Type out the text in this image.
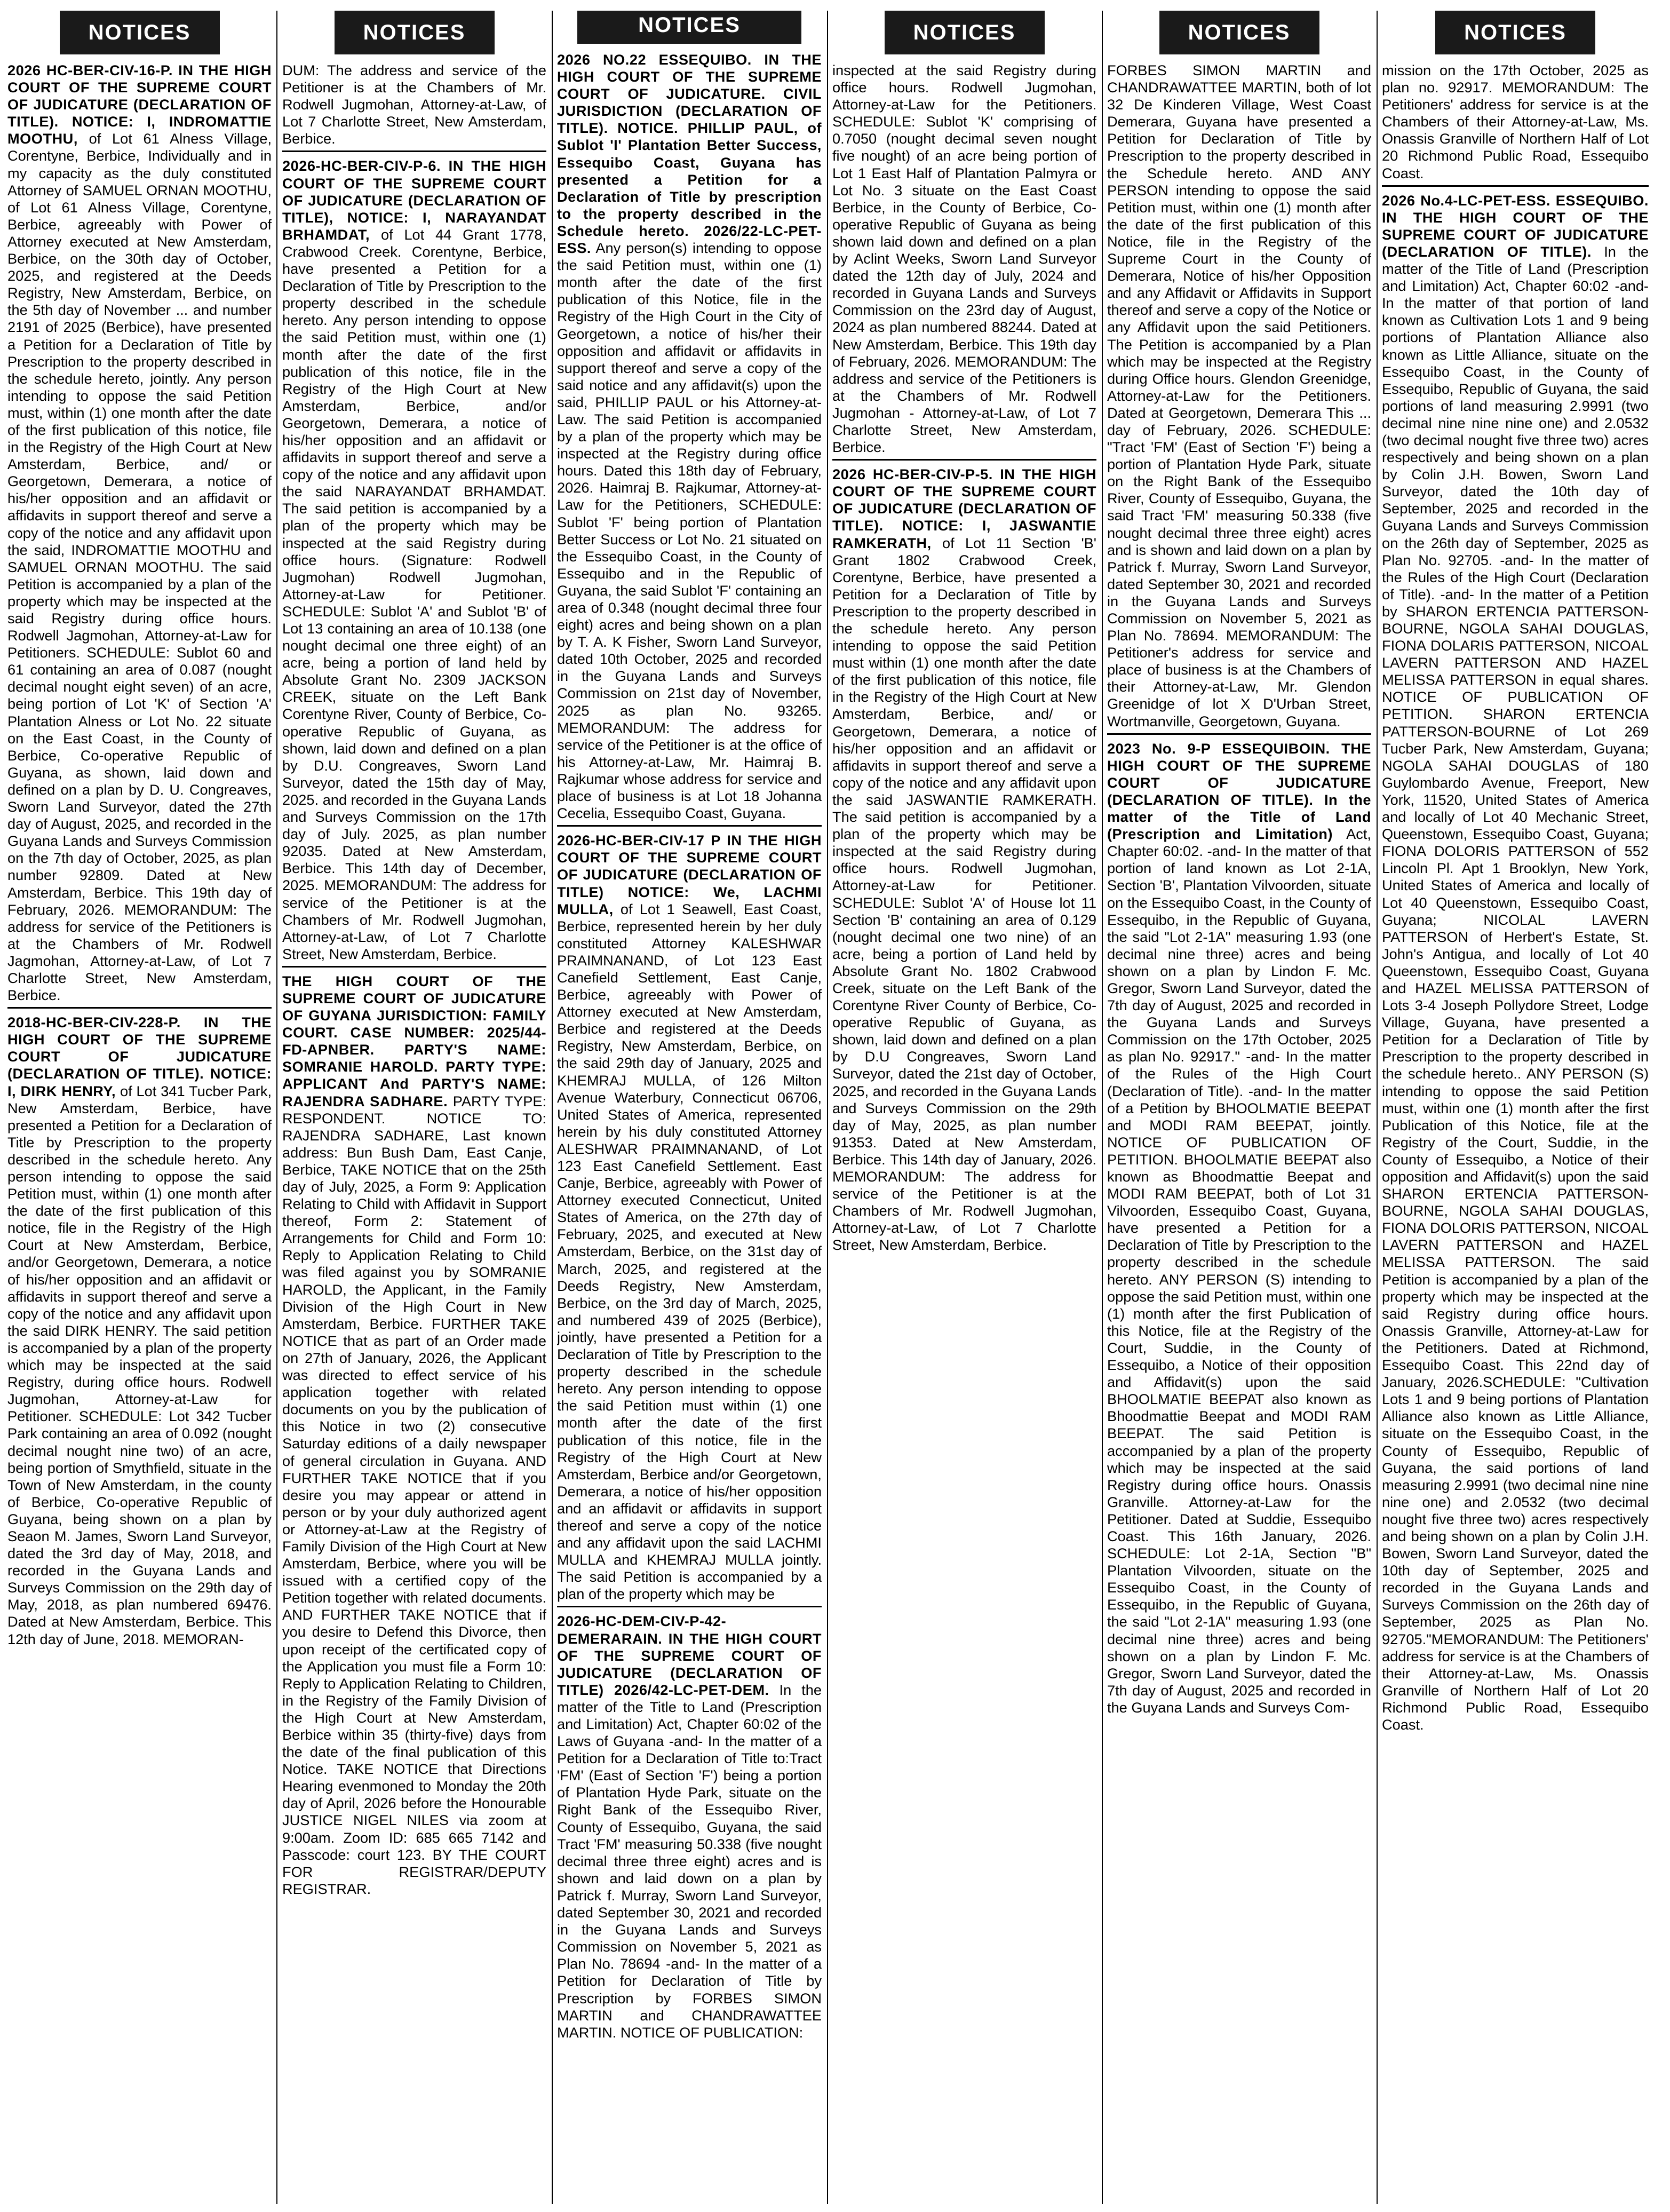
NOTICES

2026 HC-BER-CIV-16-P. IN THE HIGH COURT OF THE SUPREME COURT OF JUDICATURE (DECLARATION OF TITLE). NOTICE: I, INDROMATTIE MOOTHU, of Lot 61 Alness Village, Corentyne, Berbice, Individually and in my capacity as the duly constituted Attorney of SAMUEL ORNAN MOOTHU, of Lot 61 Alness Village, Corentyne, Berbice, agreeably with Power of Attorney executed at New Amsterdam, Berbice, on the 30th day of October, 2025, and registered at the Deeds Registry, New Amsterdam, Berbice, on the 5th day of November ... and number 2191 of 2025 (Berbice), have presented a Petition for a Declaration of Title by Prescription to the property described in the schedule hereto, jointly. Any person intending to oppose the said Petition must, within (1) one month after the date of the first publication of this notice, file in the Registry of the High Court at New Amsterdam, Berbice, and/ or Georgetown, Demerara, a notice of his/her opposition and an affidavit or affidavits in support thereof and serve a copy of the notice and any affidavit upon the said, INDROMATTIE MOOTHU and SAMUEL ORNAN MOOTHU. The said Petition is accompanied by a plan of the property which may be inspected at the said Registry during office hours. Rodwell Jagmohan, Attorney-at-Law for Petitioners. SCHEDULE: Sublot 60 and 61 containing an area of 0.087 (nought decimal nought eight seven) of an acre, being portion of Lot 'K' of Section 'A' Plantation Alness or Lot No. 22 situate on the East Coast, in the County of Berbice, Co-operative Republic of Guyana, as shown, laid down and defined on a plan by D. U. Congreaves, Sworn Land Surveyor, dated the 27th day of August, 2025, and recorded in the Guyana Lands and Surveys Commission on the 7th day of October, 2025, as plan number 92809. Dated at New Amsterdam, Berbice. This 19th day of February, 2026. MEMORANDUM: The address for service of the Petitioners is at the Chambers of Mr. Rodwell Jagmohan, Attorney-at-Law, of Lot 7 Charlotte Street, New Amsterdam, Berbice.

2018-HC-BER-CIV-228-P. IN THE HIGH COURT OF THE SUPREME COURT OF JUDICATURE (DECLARATION OF TITLE). NOTICE: I, DIRK HENRY, of Lot 341 Tucber Park, New Amsterdam, Berbice, have presented a Petition for a Declaration of Title by Prescription to the property described in the schedule hereto. Any person intending to oppose the said Petition must, within (1) one month after the date of the first publication of this notice, file in the Registry of the High Court at New Amsterdam, Berbice, and/or Georgetown, Demerara, a notice of his/her opposition and an affidavit or affidavits in support thereof and serve a copy of the notice and any affidavit upon the said DIRK HENRY. The said petition is accompanied by a plan of the property which may be inspected at the said Registry, during office hours. Rodwell Jugmohan, Attorney-at-Law for Petitioner. SCHEDULE: Lot 342 Tucber Park containing an area of 0.092 (nought decimal nought nine two) of an acre, being portion of Smythfield, situate in the Town of New Amsterdam, in the county of Berbice, Co-operative Republic of Guyana, being shown on a plan by Seaon M. James, Sworn Land Surveyor, dated the 3rd day of May, 2018, and recorded in the Guyana Lands and Surveys Commission on the 29th day of May, 2018, as plan numbered 69476. Dated at New Amsterdam, Berbice. This 12th day of June, 2018. MEMORAN-

NOTICES

DUM: The address and service of the Petitioner is at the Chambers of Mr. Rodwell Jugmohan, Attorney-at-Law, of Lot 7 Charlotte Street, New Amsterdam, Berbice.

2026-HC-BER-CIV-P-6. IN THE HIGH COURT OF THE SUPREME COURT OF JUDICATURE (DECLARATION OF TITLE), NOTICE: I, NARAYANDAT BRHAMDAT, of Lot 44 Grant 1778, Crabwood Creek. Corentyne, Berbice, have presented a Petition for a Declaration of Title by Prescription to the property described in the schedule hereto. Any person intending to oppose the said Petition must, within one (1) month after the date of the first publication of this notice, file in the Registry of the High Court at New Amsterdam, Berbice, and/or Georgetown, Demerara, a notice of his/her opposition and an affidavit or affidavits in support thereof and serve a copy of the notice and any affidavit upon the said NARAYANDAT BRHAMDAT. The said petition is accompanied by a plan of the property which may be inspected at the said Registry during office hours. (Signature: Rodwell Jugmohan) Rodwell Jugmohan, Attorney-at-Law for Petitioner. SCHEDULE: Sublot 'A' and Sublot 'B' of Lot 13 containing an area of 10.138 (one nought decimal one three eight) of an acre, being a portion of land held by Absolute Grant No. 2309 JACKSON CREEK, situate on the Left Bank Corentyne River, County of Berbice, Co-operative Republic of Guyana, as shown, laid down and defined on a plan by D.U. Congreaves, Sworn Land Surveyor, dated the 15th day of May, 2025. and recorded in the Guyana Lands and Surveys Commission on the 17th day of July. 2025, as plan number 92035. Dated at New Amsterdam, Berbice. This 14th day of December, 2025. MEMORANDUM: The address for service of the Petitioner is at the Chambers of Mr. Rodwell Jugmohan, Attorney-at-Law, of Lot 7 Charlotte Street, New Amsterdam, Berbice.

THE HIGH COURT OF THE SUPREME COURT OF JUDICATURE OF GUYANA JURISDICTION: FAMILY COURT. CASE NUMBER: 2025/44-FD-APNBER. PARTY'S NAME: SOMRANIE HAROLD. PARTY TYPE: APPLICANT And PARTY'S NAME: RAJENDRA SADHARE. PARTY TYPE: RESPONDENT. NOTICE TO: RAJENDRA SADHARE, Last known address: Bun Bush Dam, East Canje, Berbice, TAKE NOTICE that on the 25th day of July, 2025, a Form 9: Application Relating to Child with Affidavit in Support thereof, Form 2: Statement of Arrangements for Child and Form 10: Reply to Application Relating to Child was filed against you by SOMRANIE HAROLD, the Applicant, in the Family Division of the High Court in New Amsterdam, Berbice. FURTHER TAKE NOTICE that as part of an Order made on 27th of January, 2026, the Applicant was directed to effect service of his application together with related documents on you by the publication of this Notice in two (2) consecutive Saturday editions of a daily newspaper of general circulation in Guyana. AND FURTHER TAKE NOTICE that if you desire you may appear or attend in person or by your duly authorized agent or Attorney-at-Law at the Registry of Family Division of the High Court at New Amsterdam, Berbice, where you will be issued with a certified copy of the Petition together with related documents. AND FURTHER TAKE NOTICE that if you desire to Defend this Divorce, then upon receipt of the certificated copy of the Application you must file a Form 10: Reply to Application Relating to Children, in the Registry of the Family Division of the High Court at New Amsterdam, Berbice within 35 (thirty-five) days from the date of the final publication of this Notice. TAKE NOTICE that Directions Hearing evenmoned to Monday the 20th day of April, 2026 before the Honourable JUSTICE NIGEL NILES via zoom at 9:00am. Zoom ID: 685 665 7142 and Passcode: court 123. BY THE COURT FOR REGISTRAR/DEPUTY REGISTRAR.

NOTICES

2026 NO.22 ESSEQUIBO. IN THE HIGH COURT OF THE SUPREME COURT OF JUDICATURE. CIVIL JURISDICTION (DECLARATION OF TITLE). NOTICE. PHILLIP PAUL, of Sublot 'I' Plantation Better Success, Essequibo Coast, Guyana has presented a Petition for a Declaration of Title by prescription to the property described in the Schedule hereto. 2026/22-LC-PET-ESS. Any person(s) intending to oppose the said Petition must, within one (1) month after the date of the first publication of this Notice, file in the Registry of the High Court in the City of Georgetown, a notice of his/her their opposition and affidavit or affidavits in support thereof and serve a copy of the said notice and any affidavit(s) upon the said, PHILLIP PAUL or his Attorney-at-Law. The said Petition is accompanied by a plan of the property which may be inspected at the Registry during office hours. Dated this 18th day of February, 2026. Haimraj B. Rajkumar, Attorney-at-Law for the Petitioners, SCHEDULE: Sublot 'F' being portion of Plantation Better Success or Lot No. 21 situated on the Essequibo Coast, in the County of Essequibo and in the Republic of Guyana, the said Sublot 'F' containing an area of 0.348 (nought decimal three four eight) acres and being shown on a plan by T. A. K Fisher, Sworn Land Surveyor, dated 10th October, 2025 and recorded in the Guyana Lands and Surveys Commission on 21st day of November, 2025 as plan No. 93265. MEMORANDUM: The address for service of the Petitioner is at the office of his Attorney-at-Law, Mr. Haimraj B. Rajkumar whose address for service and place of business is at Lot 18 Johanna Cecelia, Essequibo Coast, Guyana.

2026-HC-BER-CIV-17 P IN THE HIGH COURT OF THE SUPREME COURT OF JUDICATURE (DECLARATION OF TITLE) NOTICE: We, LACHMI MULLA, of Lot 1 Seawell, East Coast, Berbice, represented herein by her duly constituted Attorney KALESHWAR PRAIMNANAND, of Lot 123 East Canefield Settlement, East Canje, Berbice, agreeably with Power of Attorney executed at New Amsterdam, Berbice and registered at the Deeds Registry, New Amsterdam, Berbice, on the said 29th day of January, 2025 and KHEMRAJ MULLA, of 126 Milton Avenue Waterbury, Connecticut 06706, United States of America, represented herein by his duly constituted Attorney ALESHWAR PRAIMNANAND, of Lot 123 East Canefield Settlement. East Canje, Berbice, agreeably with Power of Attorney executed Connecticut, United States of America, on the 27th day of February, 2025, and executed at New Amsterdam, Berbice, on the 31st day of March, 2025, and registered at the Deeds Registry, New Amsterdam, Berbice, on the 3rd day of March, 2025, and numbered 439 of 2025 (Berbice), jointly, have presented a Petition for a Declaration of Title by Prescription to the property described in the schedule hereto. Any person intending to oppose the said Petition must within (1) one month after the date of the first publication of this notice, file in the Registry of the High Court at New Amsterdam, Berbice and/or Georgetown, Demerara, a notice of his/her opposition and an affidavit or affidavits in support thereof and serve a copy of the notice and any affidavit upon the said LACHMI MULLA and KHEMRAJ MULLA jointly. The said Petition is accompanied by a plan of the property which may be

2026-HC-DEM-CIV-P-42-DEMERARAIN. IN THE HIGH COURT OF THE SUPREME COURT OF JUDICATURE (DECLARATION OF TITLE) 2026/42-LC-PET-DEM. In the matter of the Title to Land (Prescription and Limitation) Act, Chapter 60:02 of the Laws of Guyana -and- In the matter of a Petition for a Declaration of Title to:Tract 'FM' (East of Section 'F') being a portion of Plantation Hyde Park, situate on the Right Bank of the Essequibo River, County of Essequibo, Guyana, the said Tract 'FM' measuring 50.338 (five nought decimal three three eight) acres and is shown and laid down on a plan by Patrick f. Murray, Sworn Land Surveyor, dated September 30, 2021 and recorded in the Guyana Lands and Surveys Commission on November 5, 2021 as Plan No. 78694 -and- In the matter of a Petition for Declaration of Title by Prescription by FORBES SIMON MARTIN and CHANDRAWATTEE MARTIN. NOTICE OF PUBLICATION:

NOTICES

inspected at the said Registry during office hours. Rodwell Jugmohan, Attorney-at-Law for the Petitioners. SCHEDULE: Sublot 'K' comprising of 0.7050 (nought decimal seven nought five nought) of an acre being portion of Lot 1 East Half of Plantation Palmyra or Lot No. 3 situate on the East Coast Berbice, in the County of Berbice, Co-operative Republic of Guyana as being shown laid down and defined on a plan by Aclint Weeks, Sworn Land Surveyor dated the 12th day of July, 2024 and recorded in Guyana Lands and Surveys Commission on the 23rd day of August, 2024 as plan numbered 88244. Dated at New Amsterdam, Berbice. This 19th day of February, 2026. MEMORANDUM: The address and service of the Petitioners is at the Chambers of Mr. Rodwell Jugmohan - Attorney-at-Law, of Lot 7 Charlotte Street, New Amsterdam, Berbice.

2026 HC-BER-CIV-P-5. IN THE HIGH COURT OF THE SUPREME COURT OF JUDICATURE (DECLARATION OF TITLE). NOTICE: I, JASWANTIE RAMKERATH, of Lot 11 Section 'B' Grant 1802 Crabwood Creek, Corentyne, Berbice, have presented a Petition for a Declaration of Title by Prescription to the property described in the schedule hereto. Any person intending to oppose the said Petition must within (1) one month after the date of the first publication of this notice, file in the Registry of the High Court at New Amsterdam, Berbice, and/ or Georgetown, Demerara, a notice of his/her opposition and an affidavit or affidavits in support thereof and serve a copy of the notice and any affidavit upon the said JASWANTIE RAMKERATH. The said petition is accompanied by a plan of the property which may be inspected at the said Registry during office hours. Rodwell Jugmohan, Attorney-at-Law for Petitioner. SCHEDULE: Sublot 'A' of House lot 11 Section 'B' containing an area of 0.129 (nought decimal one two nine) of an acre, being a portion of Land held by Absolute Grant No. 1802 Crabwood Creek, situate on the Left Bank of the Corentyne River County of Berbice, Co-operative Republic of Guyana, as shown, laid down and defined on a plan by D.U Congreaves, Sworn Land Surveyor, dated the 21st day of October, 2025, and recorded in the Guyana Lands and Surveys Commission on the 29th day of May, 2025, as plan number 91353. Dated at New Amsterdam, Berbice. This 14th day of January, 2026. MEMORANDUM: The address for service of the Petitioner is at the Chambers of Mr. Rodwell Jugmohan, Attorney-at-Law, of Lot 7 Charlotte Street, New Amsterdam, Berbice.

NOTICES

FORBES SIMON MARTIN and CHANDRAWATTEE MARTIN, both of lot 32 De Kinderen Village, West Coast Demerara, Guyana have presented a Petition for Declaration of Title by Prescription to the property described in the Schedule hereto. AND ANY PERSON intending to oppose the said Petition must, within one (1) month after the date of the first publication of this Notice, file in the Registry of the Supreme Court in the County of Demerara, Notice of his/her Opposition and any Affidavit or Affidavits in Support thereof and serve a copy of the Notice or any Affidavit upon the said Petitioners. The Petition is accompanied by a Plan which may be inspected at the Registry during Office hours. Glendon Greenidge, Attorney-at-Law for the Petitioners. Dated at Georgetown, Demerara This ... day of February, 2026. SCHEDULE: "Tract 'FM' (East of Section 'F') being a portion of Plantation Hyde Park, situate on the Right Bank of the Essequibo River, County of Essequibo, Guyana, the said Tract 'FM' measuring 50.338 (five nought decimal three three eight) acres and is shown and laid down on a plan by Patrick f. Murray, Sworn Land Surveyor, dated September 30, 2021 and recorded in the Guyana Lands and Surveys Commission on November 5, 2021 as Plan No. 78694. MEMORANDUM: The Petitioner's address for service and place of business is at the Chambers of their Attorney-at-Law, Mr. Glendon Greenidge of lot X D'Urban Street, Wortmanville, Georgetown, Guyana.

2023 No. 9-P ESSEQUIBOIN. THE HIGH COURT OF THE SUPREME COURT OF JUDICATURE (DECLARATION OF TITLE). In the matter of the Title of Land (Prescription and Limitation) Act, Chapter 60:02. -and- In the matter of that portion of land known as Lot 2-1A, Section 'B', Plantation Vilvoorden, situate on the Essequibo Coast, in the County of Essequibo, in the Republic of Guyana, the said "Lot 2-1A" measuring 1.93 (one decimal nine three) acres and being shown on a plan by Lindon F. Mc. Gregor, Sworn Land Surveyor, dated the 7th day of August, 2025 and recorded in the Guyana Lands and Surveys Commission on the 17th October, 2025 as plan No. 92917." -and- In the matter of the Rules of the High Court (Declaration of Title). -and- In the matter of a Petition by BHOOLMATIE BEEPAT and MODI RAM BEEPAT, jointly. NOTICE OF PUBLICATION OF PETITION. BHOOLMATIE BEEPAT also known as Bhoodmattie Beepat and MODI RAM BEEPAT, both of Lot 31 Vilvoorden, Essequibo Coast, Guyana, have presented a Petition for a Declaration of Title by Prescription to the property described in the schedule hereto. ANY PERSON (S) intending to oppose the said Petition must, within one (1) month after the first Publication of this Notice, file at the Registry of the Court, Suddie, in the County of Essequibo, a Notice of their opposition and Affidavit(s) upon the said BHOOLMATIE BEEPAT also known as Bhoodmattie Beepat and MODI RAM BEEPAT. The said Petition is accompanied by a plan of the property which may be inspected at the said Registry during office hours. Onassis Granville. Attorney-at-Law for the Petitioner. Dated at Suddie, Essequibo Coast. This 16th January, 2026. SCHEDULE: Lot 2-1A, Section "B" Plantation Vilvoorden, situate on the Essequibo Coast, in the County of Essequibo, in the Republic of Guyana, the said "Lot 2-1A" measuring 1.93 (one decimal nine three) acres and being shown on a plan by Lindon F. Mc. Gregor, Sworn Land Surveyor, dated the 7th day of August, 2025 and recorded in the Guyana Lands and Surveys Com-

NOTICES

mission on the 17th October, 2025 as plan no. 92917. MEMORANDUM: The Petitioners' address for service is at the Chambers of their Attorney-at-Law, Ms. Onassis Granville of Northern Half of Lot 20 Richmond Public Road, Essequibo Coast.

2026 No.4-LC-PET-ESS. ESSEQUIBO. IN THE HIGH COURT OF THE SUPREME COURT OF JUDICATURE (DECLARATION OF TITLE). In the matter of the Title of Land (Prescription and Limitation) Act, Chapter 60:02 -and- In the matter of that portion of land known as Cultivation Lots 1 and 9 being portions of Plantation Alliance also known as Little Alliance, situate on the Essequibo Coast, in the County of Essequibo, Republic of Guyana, the said portions of land measuring 2.9991 (two decimal nine nine nine one) and 2.0532 (two decimal nought five three two) acres respectively and being shown on a plan by Colin J.H. Bowen, Sworn Land Surveyor, dated the 10th day of September, 2025 and recorded in the Guyana Lands and Surveys Commission on the 26th day of September, 2025 as Plan No. 92705. -and- In the matter of the Rules of the High Court (Declaration of Title). -and- In the matter of a Petition by SHARON ERTENCIA PATTERSON-BOURNE, NGOLA SAHAI DOUGLAS, FIONA DOLARIS PATTERSON, NICOAL LAVERN PATTERSON AND HAZEL MELISSA PATTERSON in equal shares. NOTICE OF PUBLICATION OF PETITION. SHARON ERTENCIA PATTERSON-BOURNE of Lot 269 Tucber Park, New Amsterdam, Guyana; NGOLA SAHAI DOUGLAS of 180 Guylombardo Avenue, Freeport, New York, 11520, United States of America and locally of Lot 40 Mechanic Street, Queenstown, Essequibo Coast, Guyana; FIONA DOLORIS PATTERSON of 552 Lincoln Pl. Apt 1 Brooklyn, New York, United States of America and locally of Lot 40 Queenstown, Essequibo Coast, Guyana; NICOLAL LAVERN PATTERSON of Herbert's Estate, St. John's Antigua, and locally of Lot 40 Queenstown, Essequibo Coast, Guyana and HAZEL MELISSA PATTERSON of Lots 3-4 Joseph Pollydore Street, Lodge Village, Guyana, have presented a Petition for a Declaration of Title by Prescription to the property described in the schedule hereto.. ANY PERSON (S) intending to oppose the said Petition must, within one (1) month after the first Publication of this Notice, file at the Registry of the Court, Suddie, in the County of Essequibo, a Notice of their opposition and Affidavit(s) upon the said SHARON ERTENCIA PATTERSON-BOURNE, NGOLA SAHAI DOUGLAS, FIONA DOLORIS PATTERSON, NICOAL LAVERN PATTERSON and HAZEL MELISSA PATTERSON. The said Petition is accompanied by a plan of the property which may be inspected at the said Registry during office hours. Onassis Granville, Attorney-at-Law for the Petitioners. Dated at Richmond, Essequibo Coast. This 22nd day of January, 2026.SCHEDULE: "Cultivation Lots 1 and 9 being portions of Plantation Alliance also known as Little Alliance, situate on the Essequibo Coast, in the County of Essequibo, Republic of Guyana, the said portions of land measuring 2.9991 (two decimal nine nine nine one) and 2.0532 (two decimal nought five three two) acres respectively and being shown on a plan by Colin J.H. Bowen, Sworn Land Surveyor, dated the 10th day of September, 2025 and recorded in the Guyana Lands and Surveys Commission on the 26th day of September, 2025 as Plan No. 92705."MEMORANDUM: The Petitioners' address for service is at the Chambers of their Attorney-at-Law, Ms. Onassis Granville of Northern Half of Lot 20 Richmond Public Road, Essequibo Coast.
